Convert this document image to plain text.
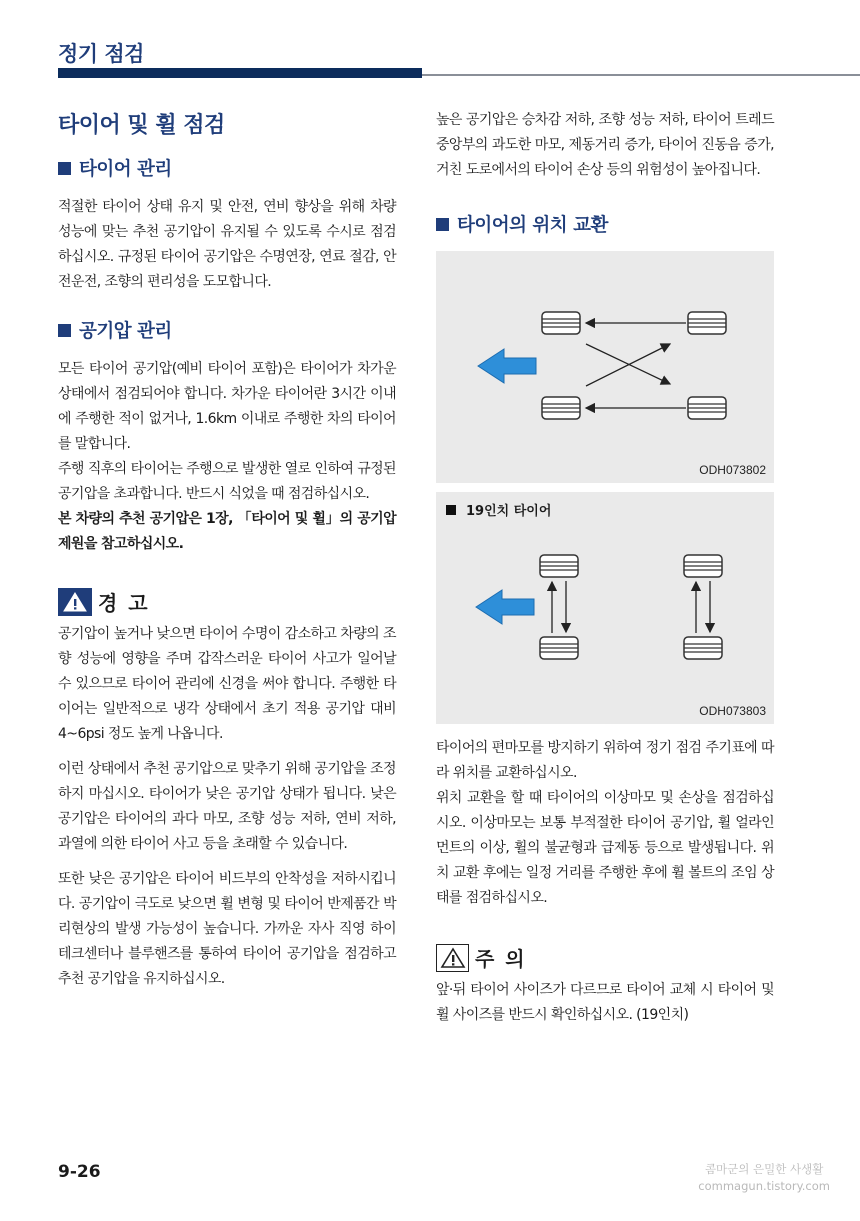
정기 점검
타이어 및 휠 점검
타이어 관리

적절한 타이어 상태 유지 및 안전, 연비 향상을 위해 차량 성능에 맞는 추천 공기압이 유지될 수 있도록 수시로 점검하십시오. 규정된 타이어 공기압은 수명연장, 연료 절감, 안전운전, 조향의 편리성을 도모합니다.

공기압 관리

모든 타이어 공기압(예비 타이어 포함)은 타이어가 차가운 상태에서 점검되어야 합니다. 차가운 타이어란 3시간 이내에 주행한 적이 없거나, 1.6km 이내로 주행한 차의 타이어를 말합니다.

주행 직후의 타이어는 주행으로 발생한 열로 인하여 규정된 공기압을 초과합니다. 반드시 식었을 때 점검하십시오.

본 차량의 추천 공기압은 1장, 「타이어 및 휠」의 공기압 제원을 참고하십시오.

경 고

공기압이 높거나 낮으면 타이어 수명이 감소하고 차량의 조향 성능에 영향을 주며 갑작스러운 타이어 사고가 일어날 수 있으므로 타이어 관리에 신경을 써야 합니다. 주행한 타이어는 일반적으로 냉각 상태에서 초기 적용 공기압 대비 4~6psi 정도 높게 나옵니다.

이런 상태에서 추천 공기압으로 맞추기 위해 공기압을 조정하지 마십시오. 타이어가 낮은 공기압 상태가 됩니다. 낮은 공기압은 타이어의 과다 마모, 조향 성능 저하, 연비 저하, 과열에 의한 타이어 사고 등을 초래할 수 있습니다.

또한 낮은 공기압은 타이어 비드부의 안착성을 저하시킵니다. 공기압이 극도로 낮으면 휠 변형 및 타이어 반제품간 박리현상의 발생 가능성이 높습니다. 가까운 자사 직영 하이테크센터나 블루핸즈를 통하여 타이어 공기압을 점검하고 추천 공기압을 유지하십시오.

높은 공기압은 승차감 저하, 조향 성능 저하, 타이어 트레드 중앙부의 과도한 마모, 제동거리 증가, 타이어 진동음 증가, 거친 도로에서의 타이어 손상 등의 위험성이 높아집니다.

타이어의 위치 교환
ODH073802
19인치 타이어
ODH073803

타이어의 편마모를 방지하기 위하여 정기 점검 주기표에 따라 위치를 교환하십시오.

위치 교환을 할 때 타이어의 이상마모 및 손상을 점검하십시오. 이상마모는 보통 부적절한 타이어 공기압, 휠 얼라인먼트의 이상, 휠의 불균형과 급제동 등으로 발생됩니다. 위치 교환 후에는 일정 거리를 주행한 후에 휠 볼트의 조임 상태를 점검하십시오.

주 의

앞·뒤 타이어 사이즈가 다르므로 타이어 교체 시 타이어 및 휠 사이즈를 반드시 확인하십시오. (19인치)

9-26	콤마군의 은밀한 사생활
commagun.tistory.com
